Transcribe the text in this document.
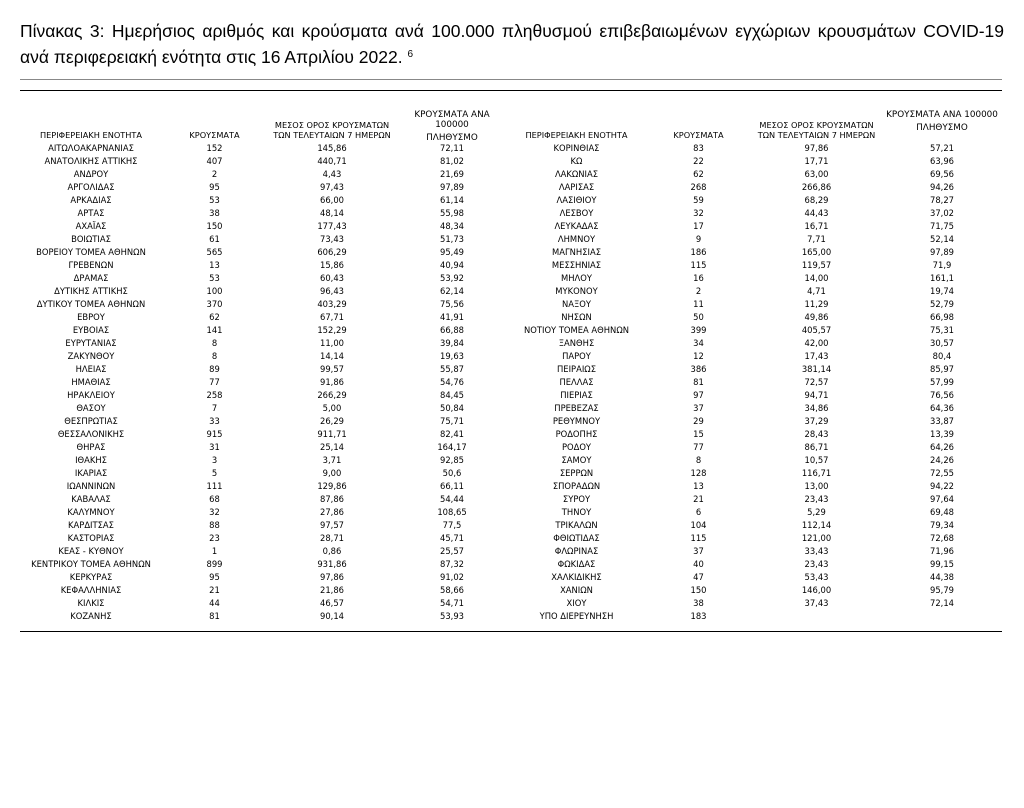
Πίνακας 3: Ημερήσιος αριθμός και κρούσματα ανά 100.000 πληθυσμού επιβεβαιωμένων εγχώριων κρουσμάτων COVID-19 ανά περιφερειακή ενότητα στις 16 Απριλίου 2022. $^6$

ΠΕΡΙΦΕΡΕΙΑΚΗ ΕΝΟΤΗΤΑ	ΚΡΟΥΣΜΑΤΑ	ΜΕΣΟΣ ΟΡΟΣ ΚΡΟΥΣΜΑΤΩΝ
ΤΩΝ ΤΕΛΕΥΤΑΙΩΝ 7 ΗΜΕΡΩΝ	ΚΡΟΥΣΜΑΤΑ ΑΝΑ 100000
ΠΛΗΘΥΣΜΟ	ΠΕΡΙΦΕΡΕΙΑΚΗ ΕΝΟΤΗΤΑ	ΚΡΟΥΣΜΑΤΑ	ΜΕΣΟΣ ΟΡΟΣ ΚΡΟΥΣΜΑΤΩΝ
ΤΩΝ ΤΕΛΕΥΤΑΙΩΝ 7 ΗΜΕΡΩΝ	ΚΡΟΥΣΜΑΤΑ ΑΝΑ 100000
ΠΛΗΘΥΣΜΟ
ΑΙΤΩΛΟΑΚΑΡΝΑΝΙΑΣ	152	145,86	72,11	ΚΟΡΙΝΘΙΑΣ	83	97,86	57,21
ΑΝΑΤΟΛΙΚΗΣ ΑΤΤΙΚΗΣ	407	440,71	81,02	ΚΩ	22	17,71	63,96
ΑΝΔΡΟΥ	2	4,43	21,69	ΛΑΚΩΝΙΑΣ	62	63,00	69,56
ΑΡΓΟΛΙΔΑΣ	95	97,43	97,89	ΛΑΡΙΣΑΣ	268	266,86	94,26
ΑΡΚΑΔΙΑΣ	53	66,00	61,14	ΛΑΣΙΘΙΟΥ	59	68,29	78,27
ΑΡΤΑΣ	38	48,14	55,98	ΛΕΣΒΟΥ	32	44,43	37,02
ΑΧΑΪΑΣ	150	177,43	48,34	ΛΕΥΚΑΔΑΣ	17	16,71	71,75
ΒΟΙΩΤΙΑΣ	61	73,43	51,73	ΛΗΜΝΟΥ	9	7,71	52,14
ΒΟΡΕΙΟΥ ΤΟΜΕΑ ΑΘΗΝΩΝ	565	606,29	95,49	ΜΑΓΝΗΣΙΑΣ	186	165,00	97,89
ΓΡΕΒΕΝΩΝ	13	15,86	40,94	ΜΕΣΣΗΝΙΑΣ	115	119,57	71,9
ΔΡΑΜΑΣ	53	60,43	53,92	ΜΗΛΟΥ	16	14,00	161,1
ΔΥΤΙΚΗΣ ΑΤΤΙΚΗΣ	100	96,43	62,14	ΜΥΚΟΝΟΥ	2	4,71	19,74
ΔΥΤΙΚΟΥ ΤΟΜΕΑ ΑΘΗΝΩΝ	370	403,29	75,56	ΝΑΞΟΥ	11	11,29	52,79
ΕΒΡΟΥ	62	67,71	41,91	ΝΗΣΩΝ	50	49,86	66,98
ΕΥΒΟΙΑΣ	141	152,29	66,88	ΝΟΤΙΟΥ ΤΟΜΕΑ ΑΘΗΝΩΝ	399	405,57	75,31
ΕΥΡΥΤΑΝΙΑΣ	8	11,00	39,84	ΞΑΝΘΗΣ	34	42,00	30,57
ΖΑΚΥΝΘΟΥ	8	14,14	19,63	ΠΑΡΟΥ	12	17,43	80,4
ΗΛΕΙΑΣ	89	99,57	55,87	ΠΕΙΡΑΙΩΣ	386	381,14	85,97
ΗΜΑΘΙΑΣ	77	91,86	54,76	ΠΕΛΛΑΣ	81	72,57	57,99
ΗΡΑΚΛΕΙΟΥ	258	266,29	84,45	ΠΙΕΡΙΑΣ	97	94,71	76,56
ΘΑΣΟΥ	7	5,00	50,84	ΠΡΕΒΕΖΑΣ	37	34,86	64,36
ΘΕΣΠΡΩΤΙΑΣ	33	26,29	75,71	ΡΕΘΥΜΝΟΥ	29	37,29	33,87
ΘΕΣΣΑΛΟΝΙΚΗΣ	915	911,71	82,41	ΡΟΔΟΠΗΣ	15	28,43	13,39
ΘΗΡΑΣ	31	25,14	164,17	ΡΟΔΟΥ	77	86,71	64,26
ΙΘΑΚΗΣ	3	3,71	92,85	ΣΑΜΟΥ	8	10,57	24,26
ΙΚΑΡΙΑΣ	5	9,00	50,6	ΣΕΡΡΩΝ	128	116,71	72,55
ΙΩΑΝΝΙΝΩΝ	111	129,86	66,11	ΣΠΟΡΑΔΩΝ	13	13,00	94,22
ΚΑΒΑΛΑΣ	68	87,86	54,44	ΣΥΡΟΥ	21	23,43	97,64
ΚΑΛΥΜΝΟΥ	32	27,86	108,65	ΤΗΝΟΥ	6	5,29	69,48
ΚΑΡΔΙΤΣΑΣ	88	97,57	77,5	ΤΡΙΚΑΛΩΝ	104	112,14	79,34
ΚΑΣΤΟΡΙΑΣ	23	28,71	45,71	ΦΘΙΩΤΙΔΑΣ	115	121,00	72,68
ΚΕΑΣ - ΚΥΘΝΟΥ	1	0,86	25,57	ΦΛΩΡΙΝΑΣ	37	33,43	71,96
ΚΕΝΤΡΙΚΟΥ ΤΟΜΕΑ ΑΘΗΝΩΝ	899	931,86	87,32	ΦΩΚΙΔΑΣ	40	23,43	99,15
ΚΕΡΚΥΡΑΣ	95	97,86	91,02	ΧΑΛΚΙΔΙΚΗΣ	47	53,43	44,38
ΚΕΦΑΛΛΗΝΙΑΣ	21	21,86	58,66	ΧΑΝΙΩΝ	150	146,00	95,79
ΚΙΛΚΙΣ	44	46,57	54,71	ΧΙΟΥ	38	37,43	72,14
ΚΟΖΑΝΗΣ	81	90,14	53,93	ΥΠΟ ΔΙΕΡΕΥΝΗΣΗ	183		
